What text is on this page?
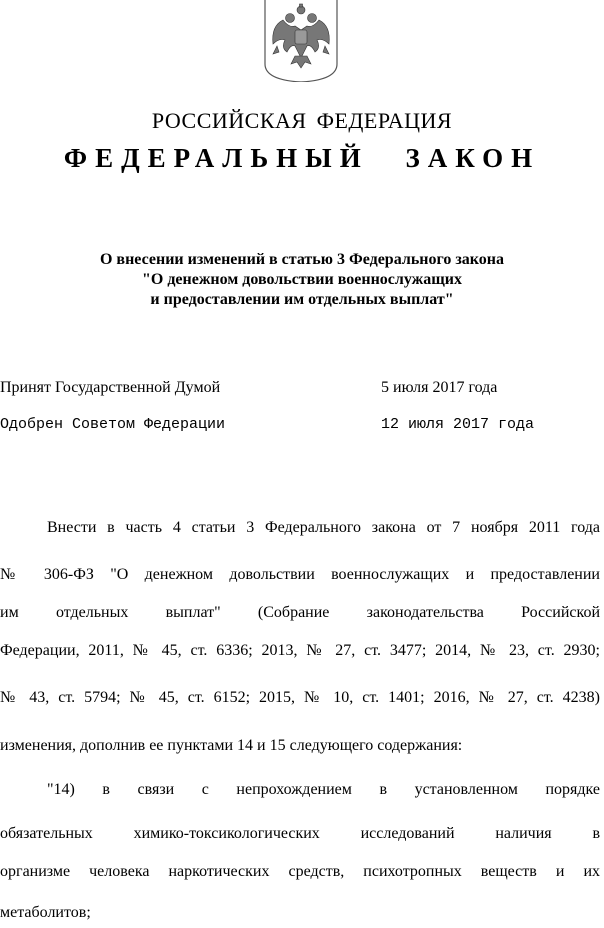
РОССИЙСКАЯ ФЕДЕРАЦИЯ
ФЕДЕРАЛЬНЫЙ ЗАКОН
О внесении изменений в статью 3 Федерального закона
"О денежном довольствии военнослужащих
и предоставлении им отдельных выплат"
Принят Государственной Думой	5 июля 2017 года
Одобрен Советом Федерации	12 июля 2017 года
Внести в часть 4 статьи 3 Федерального закона от 7 ноября 2011 года
№ 306-ФЗ "О денежном довольствии военнослужащих и предоставлении
им отдельных выплат" (Собрание законодательства Российской
Федерации, 2011, № 45, ст. 6336; 2013, № 27, ст. 3477; 2014, № 23, ст. 2930;
№ 43, ст. 5794; № 45, ст. 6152; 2015, № 10, ст. 1401; 2016, № 27, ст. 4238)
изменения, дополнив ее пунктами 14 и 15 следующего содержания:
"14) в связи с непрохождением в установленном порядке
обязательных химико-токсикологических исследований наличия в
организме человека наркотических средств, психотропных веществ и их
метаболитов;
